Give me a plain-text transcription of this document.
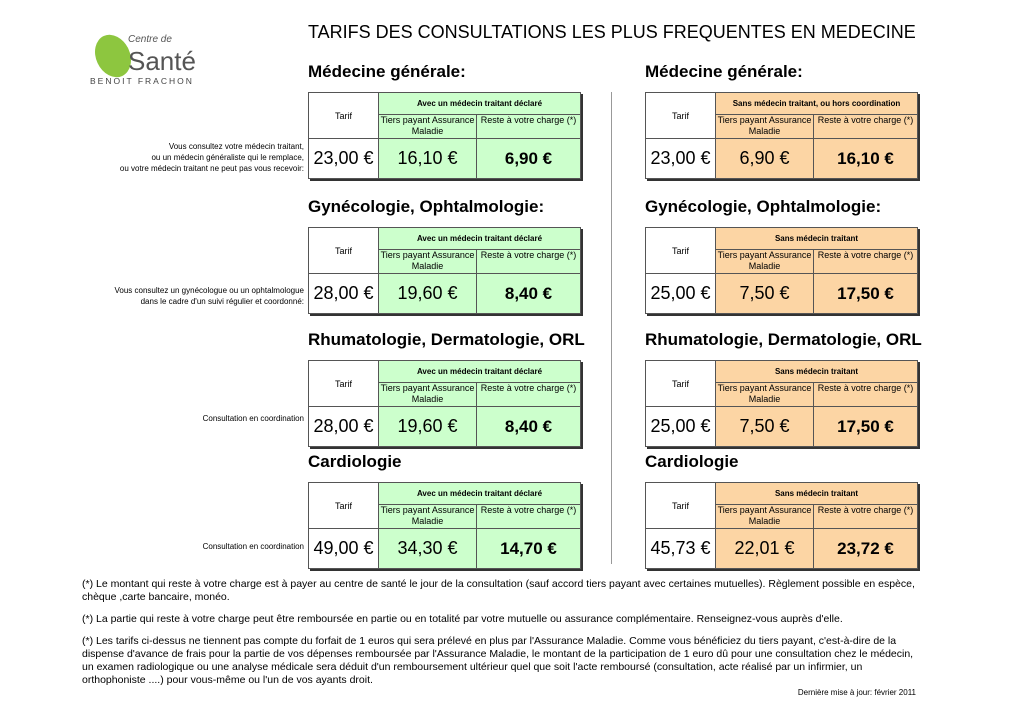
Centre de
Santé
BENOIT FRACHON
TARIFS DES CONSULTATIONS LES PLUS FREQUENTES EN MEDECINE
Médecine générale:
Tarif	Avec un médecin traitant déclaré	
	Tiers payant Assurance Maladie	Reste à votre charge (*)
23,00 €	16,10 €	6,90 €
Médecine générale:
Tarif	Sans médecin traitant, ou hors coordination	
	Tiers payant Assurance Maladie	Reste à votre charge (*)
23,00 €	6,90 €	16,10 €
Vous consultez votre médecin traitant,
ou un médecin généraliste qui le remplace,
ou votre médecin traitant ne peut pas vous recevoir:
Gynécologie, Ophtalmologie:
Tarif	Avec un médecin traitant déclaré	
	Tiers payant Assurance Maladie	Reste à votre charge (*)
28,00 €	19,60 €	8,40 €
Gynécologie, Ophtalmologie:
Tarif	Sans médecin traitant	
	Tiers payant Assurance Maladie	Reste à votre charge (*)
25,00 €	7,50 €	17,50 €
Vous consultez un gynécologue ou un ophtalmologue
dans le cadre d'un suivi régulier et coordonné:
Rhumatologie, Dermatologie, ORL
Tarif	Avec un médecin traitant déclaré	
	Tiers payant Assurance Maladie	Reste à votre charge (*)
28,00 €	19,60 €	8,40 €
Rhumatologie, Dermatologie, ORL
Tarif	Sans médecin traitant	
	Tiers payant Assurance Maladie	Reste à votre charge (*)
25,00 €	7,50 €	17,50 €
Consultation en coordination
Cardiologie
Tarif	Avec un médecin traitant déclaré	
	Tiers payant Assurance Maladie	Reste à votre charge (*)
49,00 €	34,30 €	14,70 €
Cardiologie
Tarif	Sans médecin traitant	
	Tiers payant Assurance Maladie	Reste à votre charge (*)
45,73 €	22,01 €	23,72 €
Consultation en coordination
(*) Le montant qui reste à votre charge est à payer au centre de santé le jour de la consultation (sauf accord tiers payant avec certaines mutuelles). Règlement possible en espèce, chèque ,carte bancaire, monéo.
(*) La partie qui reste à votre charge peut être remboursée en partie ou en totalité par votre mutuelle ou assurance complémentaire. Renseignez-vous auprès d'elle.
(*) Les tarifs ci-dessus ne tiennent pas compte du forfait de 1 euros qui sera prélevé en plus par l'Assurance Maladie. Comme vous bénéficiez du tiers payant, c'est-à-dire de la dispense d'avance de frais pour la partie de vos dépenses remboursée par l'Assurance Maladie, le montant de la participation de 1 euro dû pour une consultation chez le médecin, un examen radiologique ou une analyse médicale sera déduit d'un remboursement ultérieur quel que soit l'acte remboursé (consultation, acte réalisé par un infirmier, un orthophoniste ....) pour vous-même ou l'un de vos ayants droit.
Dernière mise à jour: février 2011
